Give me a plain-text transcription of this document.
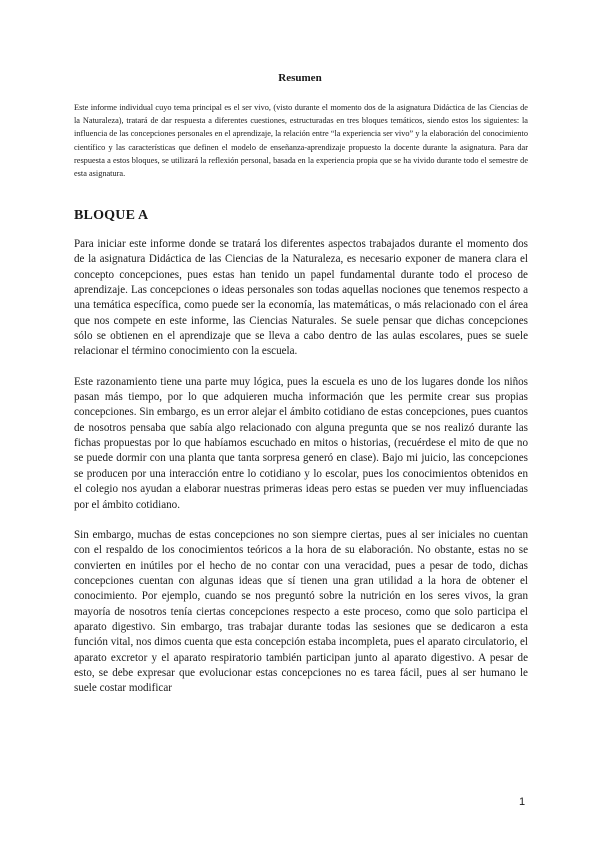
Resumen
Este informe individual cuyo tema principal es el ser vivo, (visto durante el momento dos de la asignatura Didáctica de las Ciencias de la Naturaleza), tratará de dar respuesta a diferentes cuestiones, estructuradas en tres bloques temáticos, siendo estos los siguientes: la influencia de las concepciones personales en el aprendizaje, la relación entre “la experiencia ser vivo” y la elaboración del conocimiento científico y las características que definen el modelo de enseñanza-aprendizaje propuesto la docente durante la asignatura. Para dar respuesta a estos bloques, se utilizará la reflexión personal, basada en la experiencia propia que se ha vivido durante todo el semestre de esta asignatura.
BLOQUE A

Para iniciar este informe donde se tratará los diferentes aspectos trabajados durante el momento dos de la asignatura Didáctica de las Ciencias de la Naturaleza, es necesario exponer de manera clara el concepto concepciones, pues estas han tenido un papel fundamental durante todo el proceso de aprendizaje. Las concepciones o ideas personales son todas aquellas nociones que tenemos respecto a una temática específica, como puede ser la economía, las matemáticas, o más relacionado con el área que nos compete en este informe, las Ciencias Naturales. Se suele pensar que dichas concepciones sólo se obtienen en el aprendizaje que se lleva a cabo dentro de las aulas escolares, pues se suele relacionar el término conocimiento con la escuela.

Este razonamiento tiene una parte muy lógica, pues la escuela es uno de los lugares donde los niños pasan más tiempo, por lo que adquieren mucha información que les permite crear sus propias concepciones. Sin embargo, es un error alejar el ámbito cotidiano de estas concepciones, pues cuantos de nosotros pensaba que sabía algo relacionado con alguna pregunta que se nos realizó durante las fichas propuestas por lo que habíamos escuchado en mitos o historias, (recuérdese el mito de que no se puede dormir con una planta que tanta sorpresa generó en clase). Bajo mi juicio, las concepciones se producen por una interacción entre lo cotidiano y lo escolar, pues los conocimientos obtenidos en el colegio nos ayudan a elaborar nuestras primeras ideas pero estas se pueden ver muy influenciadas por el ámbito cotidiano.

Sin embargo, muchas de estas concepciones no son siempre ciertas, pues al ser iniciales no cuentan con el respaldo de los conocimientos teóricos a la hora de su elaboración. No obstante, estas no se convierten en inútiles por el hecho de no contar con una veracidad, pues a pesar de todo, dichas concepciones cuentan con algunas ideas que sí tienen una gran utilidad a la hora de obtener el conocimiento. Por ejemplo, cuando se nos preguntó sobre la nutrición en los seres vivos, la gran mayoría de nosotros tenía ciertas concepciones respecto a este proceso, como que solo participa el aparato digestivo. Sin embargo, tras trabajar durante todas las sesiones que se dedicaron a esta función vital, nos dimos cuenta que esta concepción estaba incompleta, pues el aparato circulatorio, el aparato excretor y el aparato respiratorio también participan junto al aparato digestivo. A pesar de esto, se debe expresar que evolucionar estas concepciones no es tarea fácil, pues al ser humano le suele costar modificar

1
